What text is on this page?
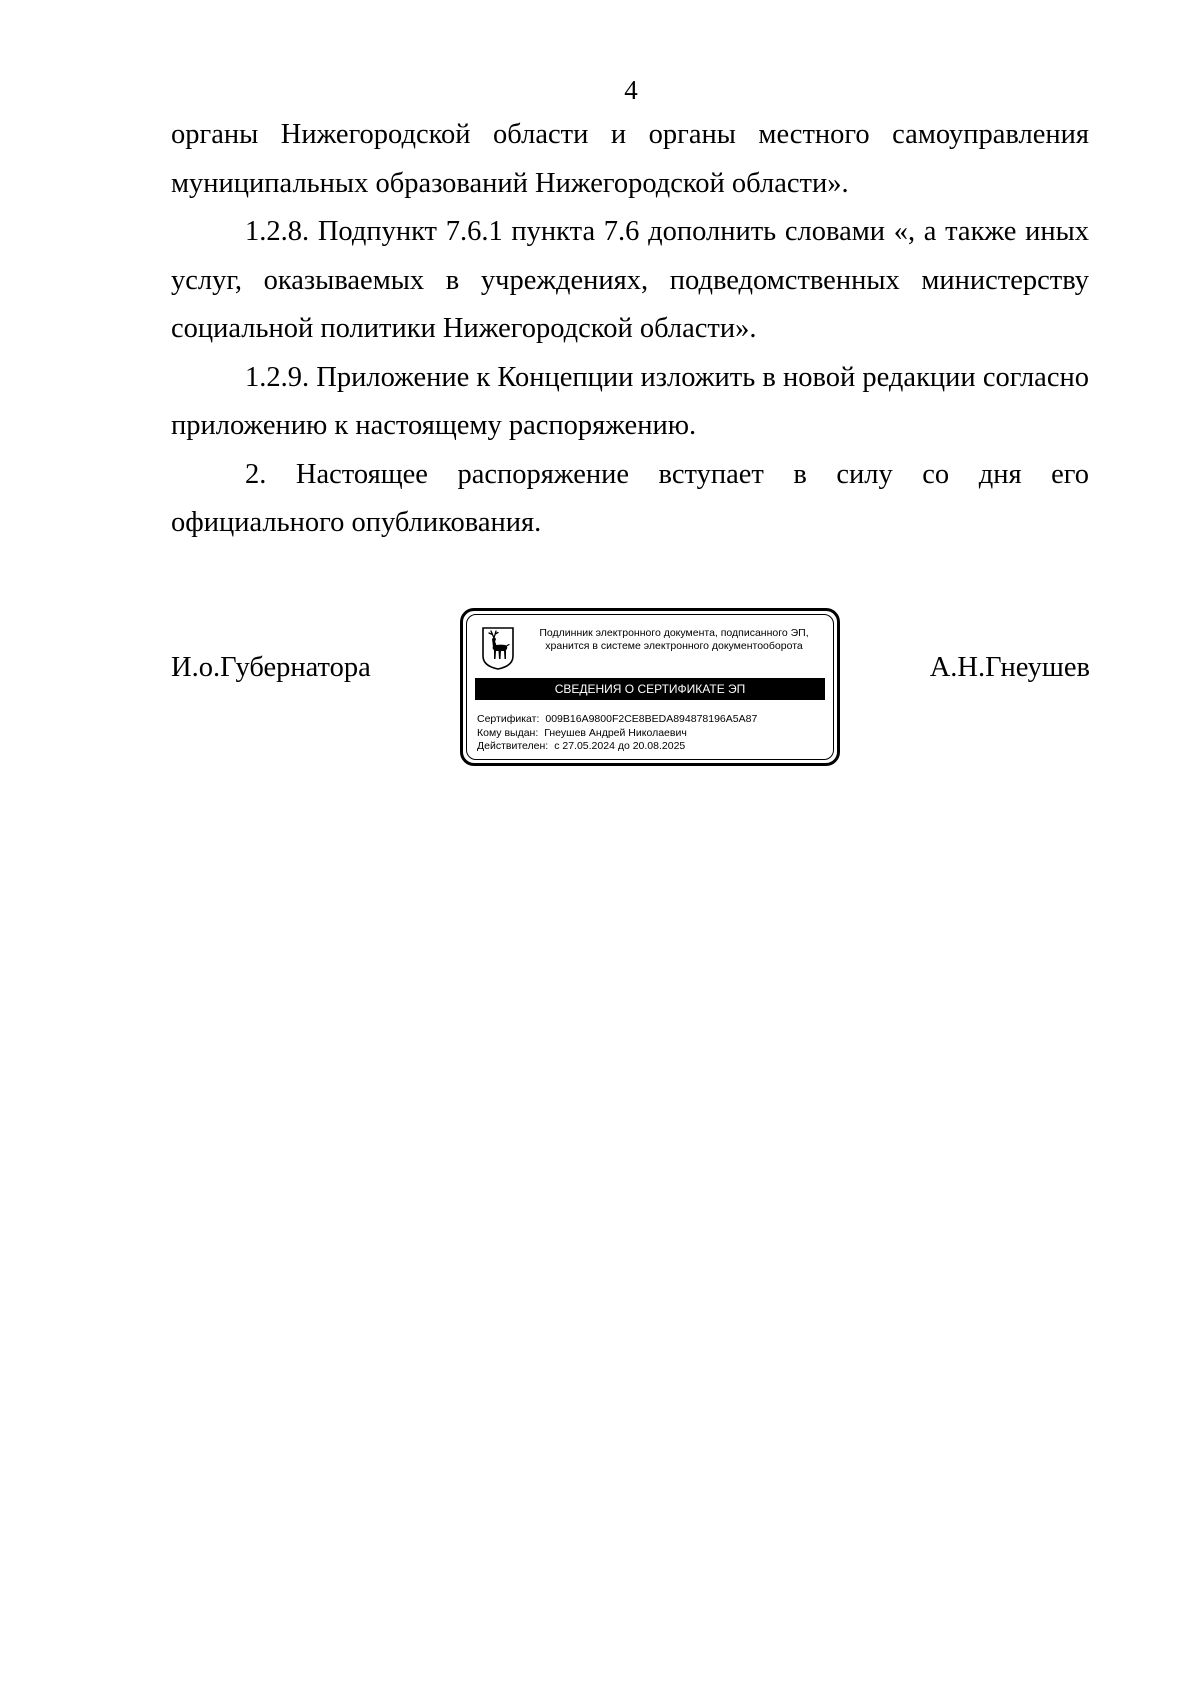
4

органы Нижегородской области и органы местного самоуправления муниципальных образований Нижегородской области».

1.2.8. Подпункт 7.6.1 пункта 7.6 дополнить словами «, а также иных услуг, оказываемых в учреждениях, подведомственных министерству социальной политики Нижегородской области».

1.2.9. Приложение к Концепции изложить в новой редакции согласно приложению к настоящему распоряжению.

2. Настоящее распоряжение вступает в силу со дня его официального опубликования.

И.о.Губернатора	А.Н.Гнеушев
Подлинник электронного документа, подписанного ЭП,
хранится в системе электронного документооборота
СВЕДЕНИЯ О СЕРТИФИКАТЕ ЭП
Сертификат: 009B16A9800F2CE8BEDA894878196A5A87
Кому выдан: Гнеушев Андрей Николаевич
Действителен: с 27.05.2024 до 20.08.2025
